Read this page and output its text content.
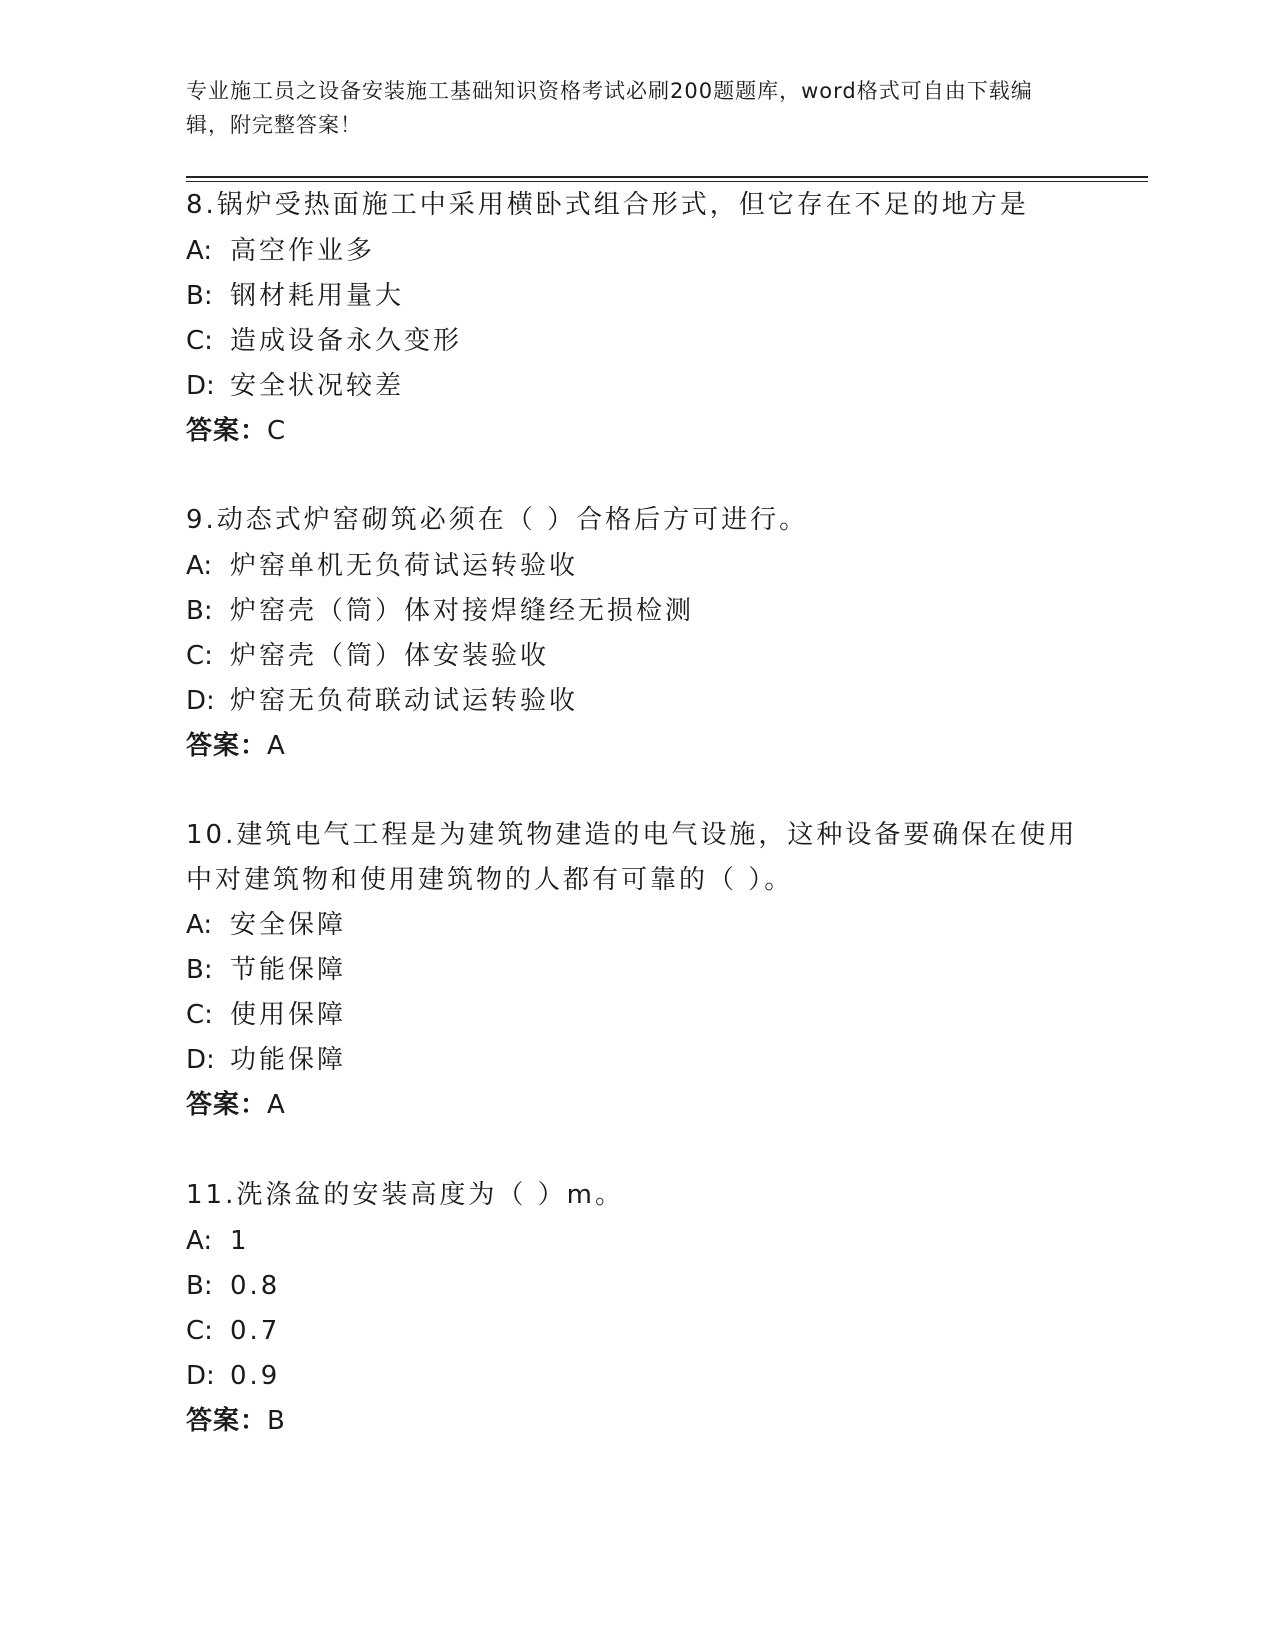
专业施工员之设备安装施工基础知识资格考试必刷200题题库，word格式可自由下载编辑，附完整答案！

8.锅炉受热面施工中采用横卧式组合形式，但它存在不足的地方是

A: 高空作业多
B: 钢材耗用量大
C: 造成设备永久变形
D: 安全状况较差
答案：C

9.动态式炉窑砌筑必须在（ ）合格后方可进行。

A: 炉窑单机无负荷试运转验收
B: 炉窑壳（筒）体对接焊缝经无损检测
C: 炉窑壳（筒）体安装验收
D: 炉窑无负荷联动试运转验收
答案：A

10.建筑电气工程是为建筑物建造的电气设施，这种设备要确保在使用中对建筑物和使用建筑物的人都有可靠的（ ）。

A: 安全保障
B: 节能保障
C: 使用保障
D: 功能保障
答案：A

11.洗涤盆的安装高度为（ ）m。

A: 1
B: 0.8
C: 0.7
D: 0.9
答案：B
